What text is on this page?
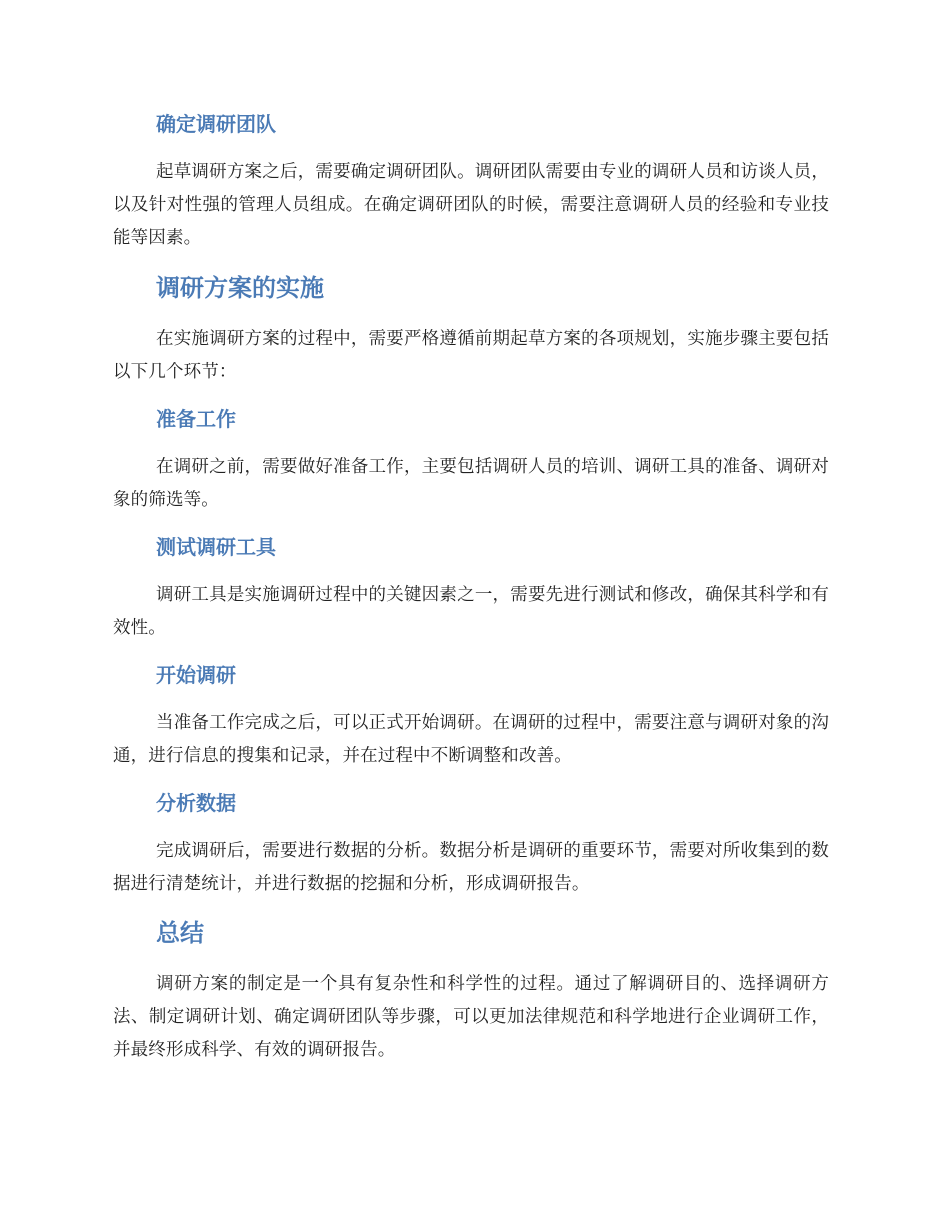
确定调研团队

起草调研方案之后，需要确定调研团队。调研团队需要由专业的调研人员和访谈人员，以及针对性强的管理人员组成。在确定调研团队的时候，需要注意调研人员的经验和专业技能等因素。

调研方案的实施

在实施调研方案的过程中，需要严格遵循前期起草方案的各项规划，实施步骤主要包括以下几个环节：

准备工作

在调研之前，需要做好准备工作，主要包括调研人员的培训、调研工具的准备、调研对象的筛选等。

测试调研工具

调研工具是实施调研过程中的关键因素之一，需要先进行测试和修改，确保其科学和有效性。

开始调研

当准备工作完成之后，可以正式开始调研。在调研的过程中，需要注意与调研对象的沟通，进行信息的搜集和记录，并在过程中不断调整和改善。

分析数据

完成调研后，需要进行数据的分析。数据分析是调研的重要环节，需要对所收集到的数据进行清楚统计，并进行数据的挖掘和分析，形成调研报告。

总结

调研方案的制定是一个具有复杂性和科学性的过程。通过了解调研目的、选择调研方法、制定调研计划、确定调研团队等步骤，可以更加法律规范和科学地进行企业调研工作，并最终形成科学、有效的调研报告。
